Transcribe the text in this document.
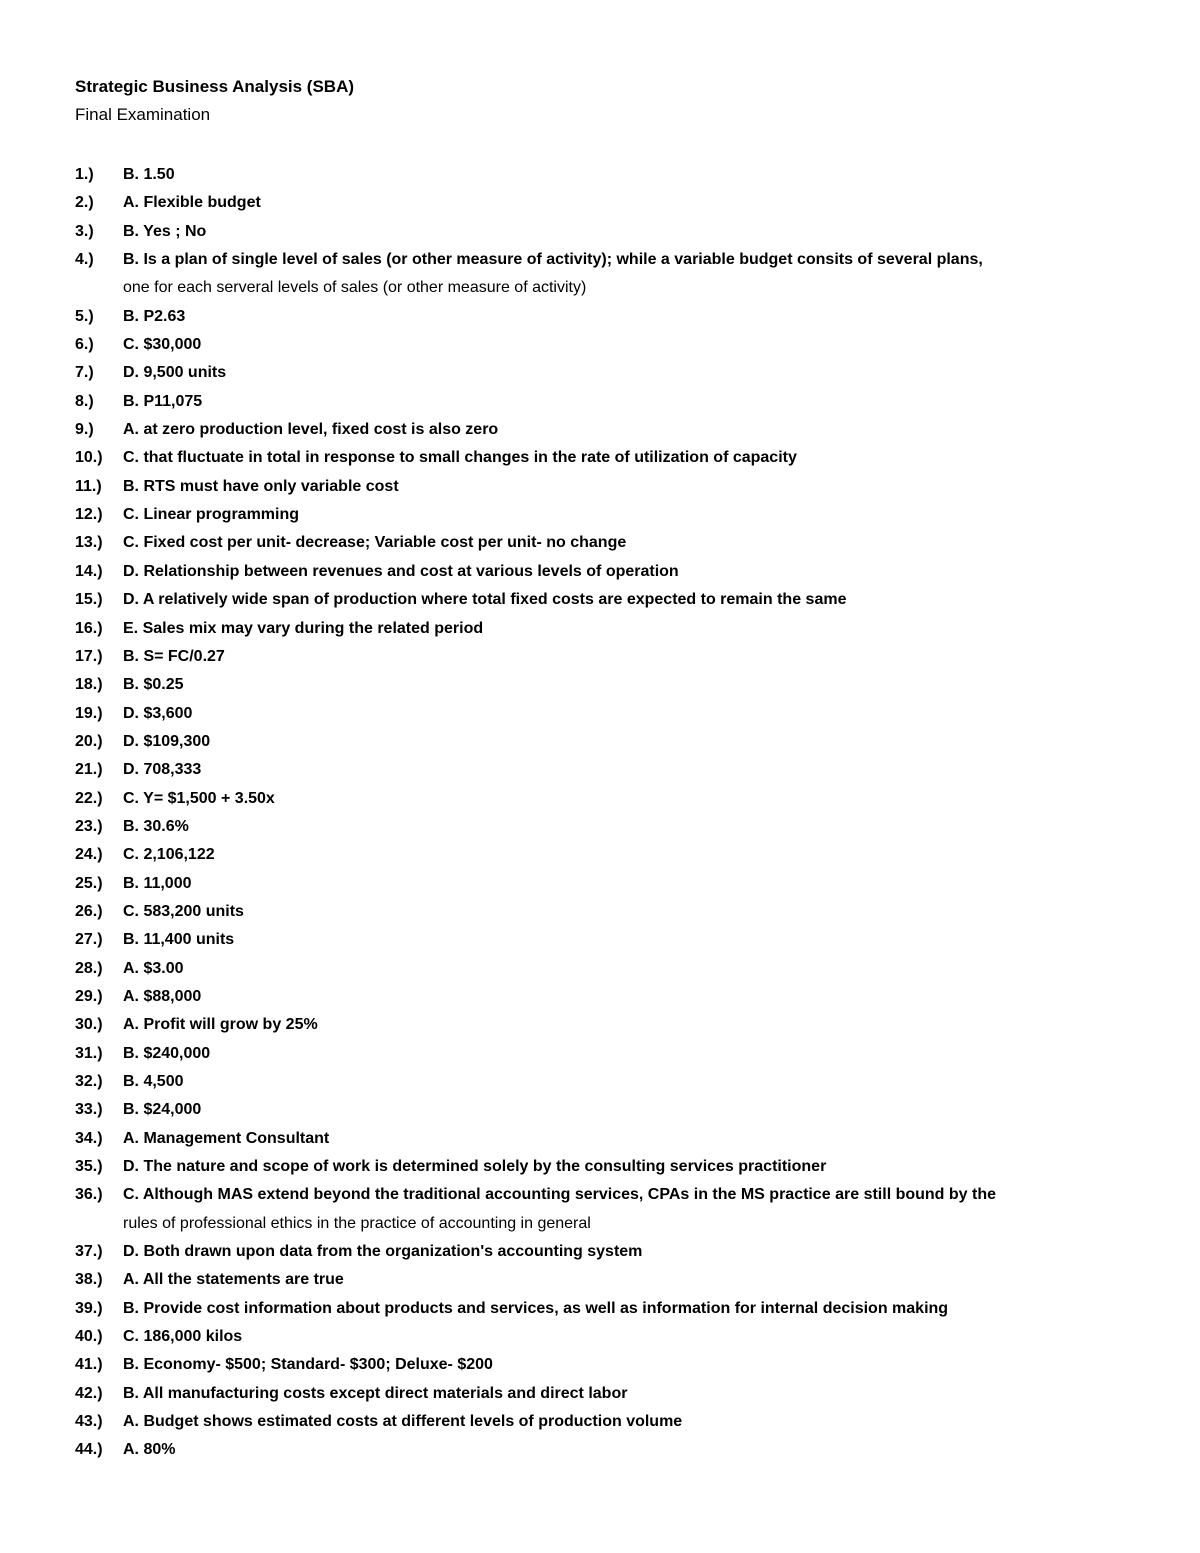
Strategic Business Analysis (SBA)
Final Examination
1.)	B. 1.50
2.)	A. Flexible budget
3.)	B. Yes ; No
4.)	B. Is a plan of single level of sales (or other measure of activity); while a variable budget consits of several plans,
one for each serveral levels of sales (or other measure of activity)
5.)	B. P2.63
6.)	C. $30,000
7.)	D. 9,500 units
8.)	B. P11,075
9.)	A. at zero production level, fixed cost is also zero
10.)	C. that fluctuate in total in response to small changes in the rate of utilization of capacity
11.)	B. RTS must have only variable cost
12.)	C. Linear programming
13.)	C. Fixed cost per unit- decrease; Variable cost per unit- no change
14.)	D. Relationship between revenues and cost at various levels of operation
15.)	D. A relatively wide span of production where total fixed costs are expected to remain the same
16.)	E. Sales mix may vary during the related period
17.)	B. S= FC/0.27
18.)	B. $0.25
19.)	D. $3,600
20.)	D. $109,300
21.)	D. 708,333
22.)	C. Y= $1,500 + 3.50x
23.)	B. 30.6%
24.)	C. 2,106,122
25.)	B. 11,000
26.)	C. 583,200 units
27.)	B. 11,400 units
28.)	A. $3.00
29.)	A. $88,000
30.)	A. Profit will grow by 25%
31.)	B. $240,000
32.)	B. 4,500
33.)	B. $24,000
34.)	A. Management Consultant
35.)	D. The nature and scope of work is determined solely by the consulting services practitioner
36.)	C. Although MAS extend beyond the traditional accounting services, CPAs in the MS practice are still bound by the
rules of professional ethics in the practice of accounting in general
37.)	D. Both drawn upon data from the organization's accounting system
38.)	A. All the statements are true
39.)	B. Provide cost information about products and services, as well as information for internal decision making
40.)	C. 186,000 kilos
41.)	B. Economy- $500; Standard- $300; Deluxe- $200
42.)	B. All manufacturing costs except direct materials and direct labor
43.)	A. Budget shows estimated costs at different levels of production volume
44.)	A. 80%
